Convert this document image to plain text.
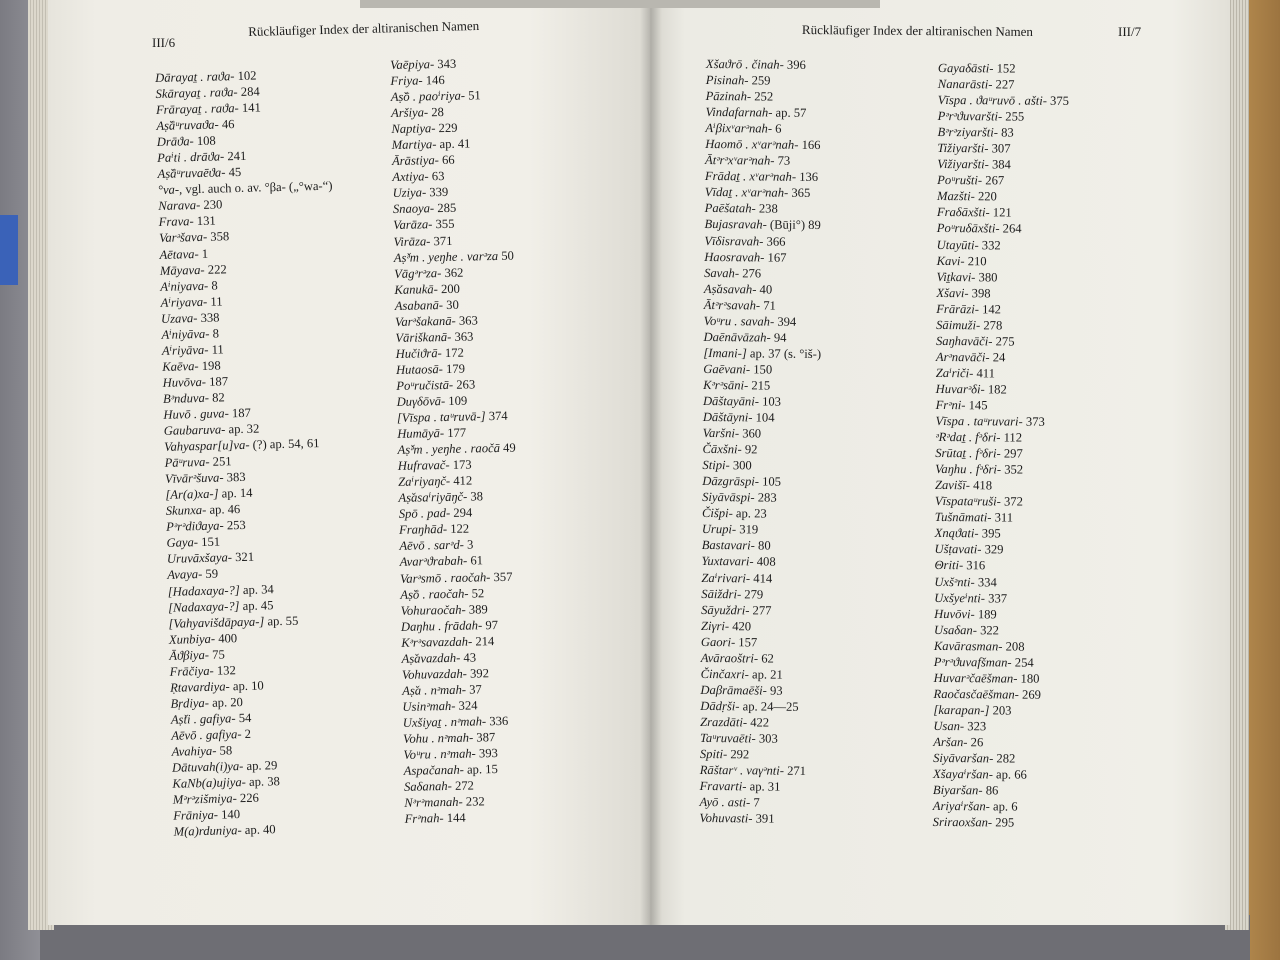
III/6
Rückläufiger Index der altiranischen Namen	Rückläufiger Index der altiranischen Namen	III/7
Dārayaṯ . raϑa- 102
Skārayaṯ . raϑa- 284
Frārayaṯ . raϑa- 141
Aṣ̌āᵘruvaϑa- 46
Drāϑa- 108
Paⁱti . drāϑa- 241
Aṣ̌āᵘruvaēϑa- 45
°va-, vgl. auch o. av. °βa- („°wa-“)
Narava- 230
Frava- 131
Varᵊšava- 358
Aētava- 1
Māyava- 222
Aⁱniyava- 8
Aⁱriyava- 11
Uzava- 338
Aⁱniyāva- 8
Aⁱriyāva- 11
Kaēva- 198
Huvōva- 187
Bᵊnduva- 82
Huvō . guva- 187
Gaubaruva- ap. 32
Vahyaspar[u]va- (?) ap. 54, 61
Pāᵘruva- 251
Vīvārᵊšuva- 383
[Ar(a)xa-] ap. 14
Skunxa- ap. 46
Pᵊrᵊdiϑaya- 253
Gaya- 151
Uruvāxšaya- 321
Avaya- 59
[Hadaxaya-?] ap. 34
[Nadaxaya-?] ap. 45
[Vahyavišdāpaya-] ap. 55
Xunbiya- 400
Āϑβiya- 75
Frāčiya- 132
Ṛtavardiya- ap. 10
Bṛdiya- ap. 20
Aṣ̌ti . gafiya- 54
Aēvō . gafiya- 2
Avahiya- 58
Dātuvah(i)ya- ap. 29
KaNb(a)ujiya- ap. 38
Mᵊrᵊzišmiya- 226
Frāniya- 140
M(a)rduniya- ap. 40
Vaēpiya- 343
Friya- 146
Aṣ̌ō . paoⁱriya- 51
Aršiya- 28
Naptiya- 229
Martiya- ap. 41
Ārāstiya- 66
Axtiya- 63
Uziya- 339
Snaoya- 285
Varāza- 355
Virāza- 371
Aṣ̌ᵊm . yeŋhe . varᵊza 50
Vāgᵊrᵊza- 362
Kanukā- 200
Asabanā- 30
Varᵊšakanā- 363
Vāriškanā- 363
Hučiϑrā- 172
Hutaosā- 179
Poᵘručistā- 263
Duγδōvā- 109
[Vīspa . taᵘruvā-] 374
Humāyā- 177
Aṣ̌ᵊm . yeŋhe . raočā 49
Hufravač- 173
Zaⁱriyaŋč- 412
Aṣ̌asaⁱriyāŋč- 38
Spō . pad- 294
Fraŋhād- 122
Aēvō . sarᵊd- 3
Avarᵊϑrabah- 61
Varᵊsmō . raočah- 357
Aṣ̌ō . raočah- 52
Vohuraočah- 389
Daŋhu . frādah- 97
Kᵊrᵊsavazdah- 214
Aṣ̌avazdah- 43
Vohuvazdah- 392
Aṣ̌a . nᵊmah- 37
Usinᵊmah- 324
Uxšiyaṯ . nᵊmah- 336
Vohu . nᵊmah- 387
Voᵘru . nᵊmah- 393
Aspačanah- ap. 15
Saδanah- 272
Nᵊrᵊmanah- 232
Frᵊnah- 144
Xšaϑrō . činah- 396
Pisinah- 259
Pāzinah- 252
Vindafarnah- ap. 57
Aⁱβixᵛarᵊnah- 6
Haomō . xᵛarᵊnah- 166
Ātᵊrᵊxᵛarᵊnah- 73
Frādaṯ . xᵛarᵊnah- 136
Vīdaṯ . xᵛarᵊnah- 365
Paēšatah- 238
Bujasravah- (Būji°) 89
Vīδisravah- 366
Haosravah- 167
Savah- 276
Aṣ̌asavah- 40
Ātᵊrᵊsavah- 71
Voᵘru . savah- 394
Daēnāvāzah- 94
[Imani-] ap. 37 (s. °iš-)
Gaēvani- 150
Kᵊrᵊsāni- 215
Dāštayāni- 103
Dāštāyni- 104
Varšni- 360
Čāxšni- 92
Stipi- 300
Dāzgrāspi- 105
Siyāvāspi- 283
Čišpi- ap. 23
Urupi- 319
Bastavari- 80
Yuxtavari- 408
Zaⁱrivari- 414
Sāiždri- 279
Sāyuždri- 277
Ziγri- 420
Gaori- 157
Avāraoštri- 62
Činčaxri- ap. 21
Daβrāmaēši- 93
Dādṛši- ap. 24—25
Zrazdāti- 422
Taᵘruvaēti- 303
Spiti- 292
Rāštarᵛ . vaγᵊnti- 271
Fravarti- ap. 31
Ayō . asti- 7
Vohuvasti- 391
Gayaδāsti- 152
Nanarāsti- 227
Vīspa . ϑaᵘruvō . ašti- 375
Pᵊrᵊϑuvaršti- 255
Bᵊrᵊziyaršti- 83
Tižiyaršti- 307
Vižiyaršti- 384
Poᵘrušti- 267
Mazšti- 220
Fraδāxšti- 121
Poᵘruδāxšti- 264
Utayūti- 332
Kavi- 210
Viṯkavi- 380
Xšavi- 398
Frārāzi- 142
Sāimuži- 278
Saŋhavāči- 275
Arᵊnavāči- 24
Zaⁱriči- 411
Huvarᵊδi- 182
Frᵊni- 145
Vīspa . taᵘruvari- 373
ᵊRᵊdaṯ . fᵊδri- 112
Srūtaṯ . fᵊδri- 297
Vaŋhu . fᵊδri- 352
Zavišī- 418
Vīspataᵘruši- 372
Tušnāmati- 311
Xnąϑati- 395
Ušṭavati- 329
Θriti- 316
Uxšᵊnti- 334
Uxšyeⁱnti- 337
Huvōvi- 189
Usaδan- 322
Kavārasman- 208
Pᵊrᵊϑuvafšman- 254
Huvarᵊčaēšman- 180
Raočasčaēšman- 269
[karapan-] 203
Usan- 323
Aršan- 26
Siyāvaršan- 282
Xšayaⁱršan- ap. 66
Biyaršan- 86
Ariyaⁱršan- ap. 6
Sriraoxšan- 295
